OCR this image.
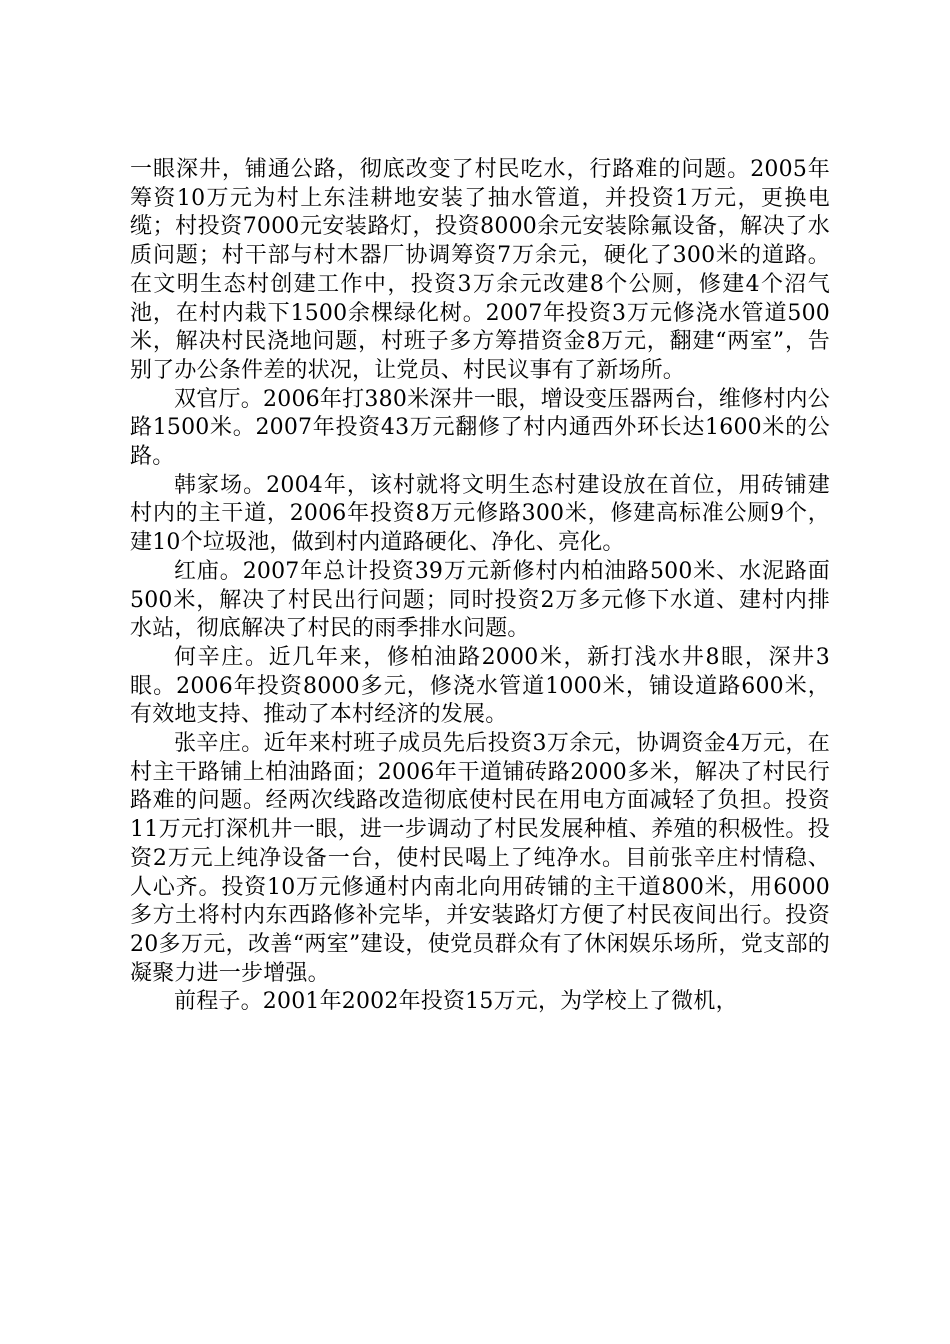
一眼深井，铺通公路，彻底改变了村民吃水，行路难的问题。2005年筹资10万元为村上东洼耕地安装了抽水管道，并投资1万元，更换电缆；村投资7000元安装路灯，投资8000余元安装除氟设备，解决了水质问题；村干部与村木器厂协调筹资7万余元，硬化了300米的道路。在文明生态村创建工作中，投资3万余元改建8个公厕，修建4个沼气池，在村内栽下1500余棵绿化树。2007年投资3万元修浇水管道500米，解决村民浇地问题，村班子多方筹措资金8万元，翻建“两室”，告别了办公条件差的状况，让党员、村民议事有了新场所。

双官厅。2006年打380米深井一眼，增设变压器两台，维修村内公路1500米。2007年投资43万元翻修了村内通西外环长达1600米的公路。

韩家场。2004年，该村就将文明生态村建设放在首位，用砖铺建村内的主干道，2006年投资8万元修路300米，修建高标准公厕9个，建10个垃圾池，做到村内道路硬化、净化、亮化。

红庙。2007年总计投资39万元新修村内柏油路500米、水泥路面500米，解决了村民出行问题；同时投资2万多元修下水道、建村内排水站，彻底解决了村民的雨季排水问题。

何辛庄。近几年来，修柏油路2000米，新打浅水井8眼，深井3眼。2006年投资8000多元，修浇水管道1000米，铺设道路600米，有效地支持、推动了本村经济的发展。

张辛庄。近年来村班子成员先后投资3万余元，协调资金4万元，在村主干路铺上柏油路面；2006年干道铺砖路2000多米，解决了村民行路难的问题。经两次线路改造彻底使村民在用电方面减轻了负担。投资11万元打深机井一眼，进一步调动了村民发展种植、养殖的积极性。投资2万元上纯净设备一台，使村民喝上了纯净水。目前张辛庄村情稳、人心齐。投资10万元修通村内南北向用砖铺的主干道800米，用6000多方土将村内东西路修补完毕，并安装路灯方便了村民夜间出行。投资20多万元，改善“两室”建设，使党员群众有了休闲娱乐场所，党支部的凝聚力进一步增强。

前程子。2001年2002年投资15万元，为学校上了微机，
